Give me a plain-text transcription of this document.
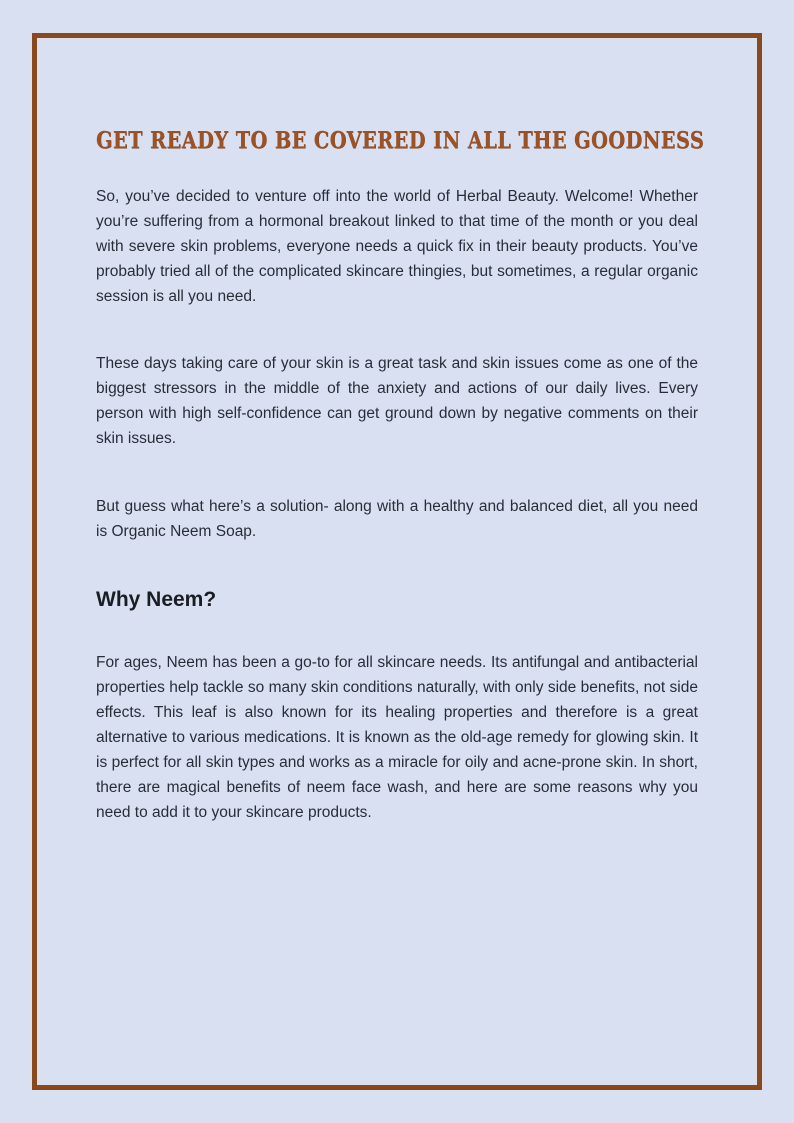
GET READY TO BE COVERED IN ALL THE GOODNESS

So, you’ve decided to venture off into the world of Herbal Beauty. Welcome! Whether you’re suffering from a hormonal breakout linked to that time of the month or you deal with severe skin problems, everyone needs a quick fix in their beauty products. You’ve probably tried all of the complicated skincare thingies, but sometimes, a regular organic session is all you need.

These days taking care of your skin is a great task and skin issues come as one of the biggest stressors in the middle of the anxiety and actions of our daily lives. Every person with high self-confidence can get ground down by negative comments on their skin issues.

But guess what here’s a solution- along with a healthy and balanced diet, all you need is Organic Neem Soap.

Why Neem?

For ages, Neem has been a go-to for all skincare needs. Its antifungal and antibacterial properties help tackle so many skin conditions naturally, with only side benefits, not side effects. This leaf is also known for its healing properties and therefore is a great alternative to various medications. It is known as the old-age remedy for glowing skin. It is perfect for all skin types and works as a miracle for oily and acne-prone skin. In short, there are magical benefits of neem face wash, and here are some reasons why you need to add it to your skincare products.
